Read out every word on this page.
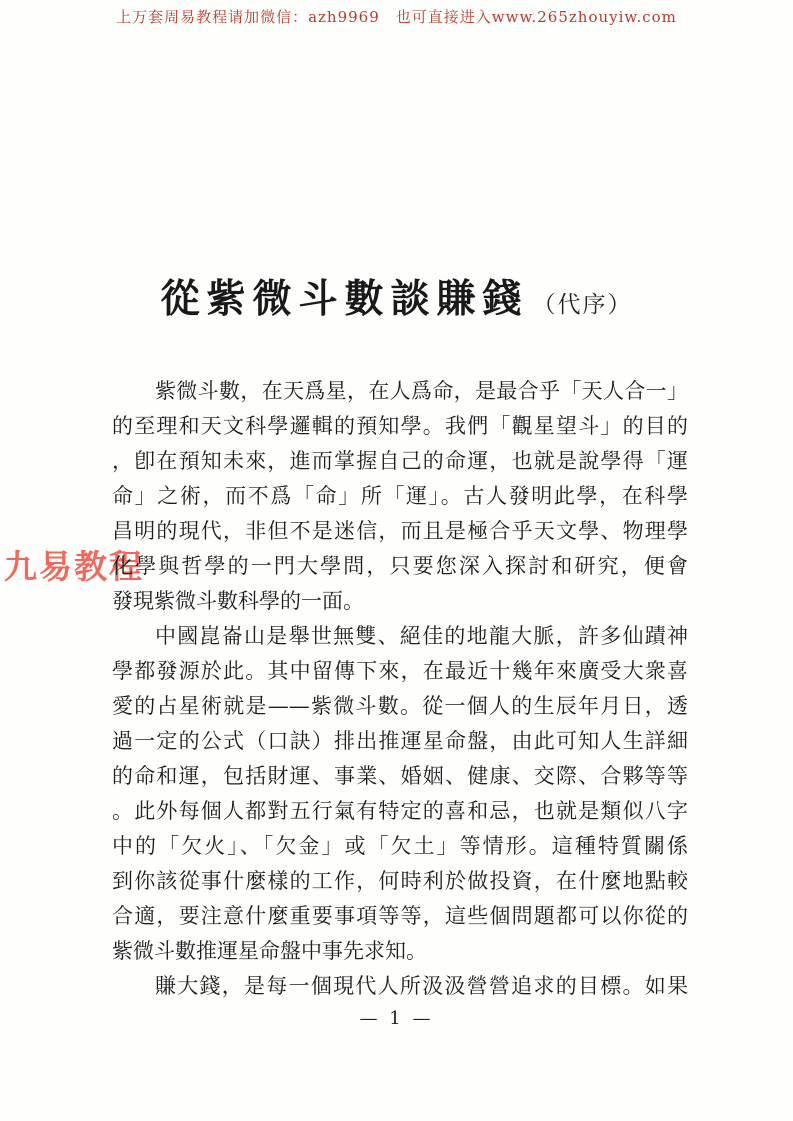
上万套周易教程请加微信：azh9969　也可直接进入www.265zhouyiw.com
九易教程
從紫微斗數談賺錢 （代序）
紫微斗數，在天爲星，在人爲命，是最合乎「天人合一」
的至理和天文科學邏輯的預知學。我們「觀星望斗」的目的
，卽在預知未來，進而掌握自己的命運，也就是說學得「運
命」之術，而不爲「命」所「運」。古人發明此學，在科學
昌明的現代，非但不是迷信，而且是極合乎天文學、物理學
化學與哲學的一門大學問，只要您深入探討和研究，便會
發現紫微斗數科學的一面。
中國崑崙山是舉世無雙、絕佳的地龍大脈，許多仙蹟神
學都發源於此。其中留傳下來，在最近十幾年來廣受大衆喜
愛的占星術就是——紫微斗數。從一個人的生辰年月日，透
過一定的公式（口訣）排出推運星命盤，由此可知人生詳細
的命和運，包括財運、事業、婚姻、健康、交際、合夥等等
。此外每個人都對五行氣有特定的喜和忌，也就是類似八字
中的「欠火」、「欠金」或「欠土」等情形。這種特質關係
到你該從事什麼樣的工作，何時利於做投資，在什麼地點較
合適，要注意什麼重要事項等等，這些個問題都可以你從的
紫微斗數推運星命盤中事先求知。
賺大錢，是每一個現代人所汲汲營營追求的目標。如果
— 1 —
